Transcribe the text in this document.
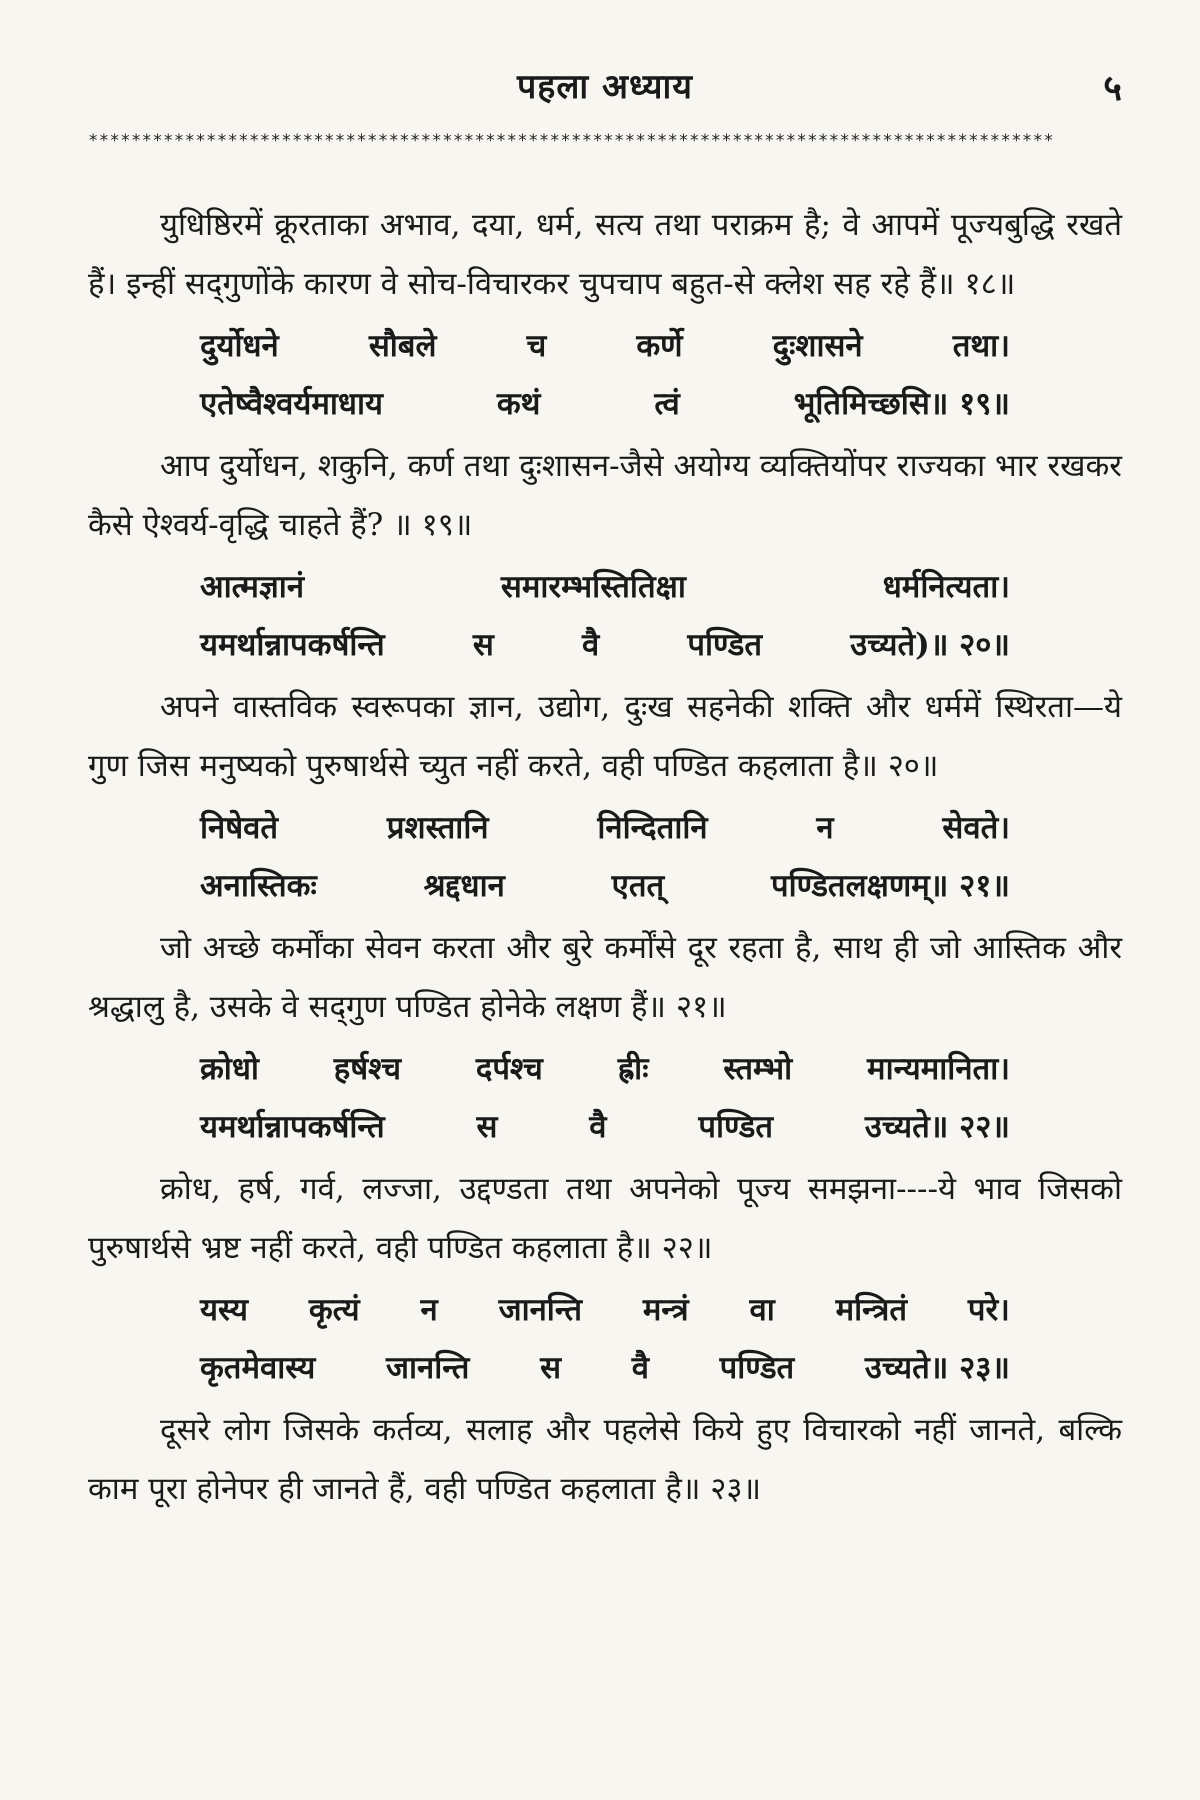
पहला अध्याय	५
******************************************************************************************

युधिष्ठिरमें क्रूरताका अभाव, दया, धर्म, सत्य तथा पराक्रम है; वे आपमें पूज्यबुद्धि रखते हैं। इन्हीं सद्‌गुणोंके कारण वे सोच-विचारकर चुपचाप बहुत-से क्लेश सह रहे हैं॥ १८॥

दुर्योधने	सौबले	च	कर्णे	दुःशासने	तथा।
एतेष्वैश्वर्यमाधाय	कथं	त्वं	भूतिमिच्छसि॥ १९॥

आप दुर्योधन, शकुनि, कर्ण तथा दुःशासन-जैसे अयोग्य व्यक्तियोंपर राज्यका भार रखकर कैसे ऐश्वर्य-वृद्धि चाहते हैं? ॥ १९॥

आत्मज्ञानं	समारम्भस्तितिक्षा	धर्मनित्यता।
यमर्थान्नापकर्षन्ति	स	वै	पण्डित	उच्यते)॥ २०॥

अपने वास्तविक स्वरूपका ज्ञान, उद्योग, दुःख सहनेकी शक्ति और धर्ममें स्थिरता—ये गुण जिस मनुष्यको पुरुषार्थसे च्युत नहीं करते, वही पण्डित कहलाता है॥ २०॥

निषेवते	प्रशस्तानि	निन्दितानि	न	सेवते।
अनास्तिकः	श्रद्दधान	एतत्	पण्डितलक्षणम्॥ २१॥

जो अच्छे कर्मोंका सेवन करता और बुरे कर्मोंसे दूर रहता है, साथ ही जो आस्तिक और श्रद्धालु है, उसके वे सद्‌गुण पण्डित होनेके लक्षण हैं॥ २१॥

क्रोधो हर्षश्च दर्पश्च ह्रीः स्तम्भो मान्यमानिता।
यमर्थान्नापकर्षन्ति	स	वै	पण्डित	उच्यते॥ २२॥

क्रोध, हर्ष, गर्व, लज्जा, उद्दण्डता तथा अपनेको पूज्य समझना----ये भाव जिसको पुरुषार्थसे भ्रष्ट नहीं करते, वही पण्डित कहलाता है॥ २२॥

यस्य कृत्यं न जानन्ति मन्त्रं वा मन्त्रितं परे।
कृतमेवास्य जानन्ति स वै पण्डित उच्यते॥ २३॥

दूसरे लोग जिसके कर्तव्य, सलाह और पहलेसे किये हुए विचारको नहीं जानते, बल्कि काम पूरा होनेपर ही जानते हैं, वही पण्डित कहलाता है॥ २३॥
